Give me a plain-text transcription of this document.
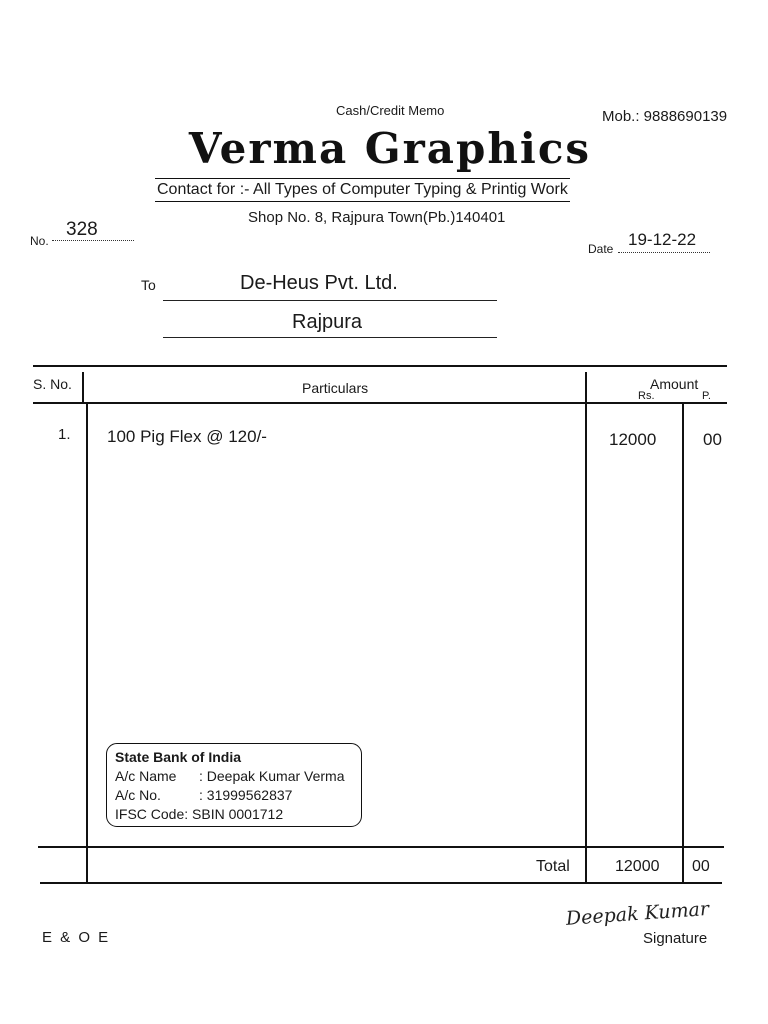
Cash/Credit Memo	Mob.: 9888690139
Verma Graphics
Contact for :- All Types of Computer Typing & Printig Work
Shop No. 8, Rajpura Town(Pb.)140401
No.
328
Date 19-12-22
To	De-Heus Pvt. Ltd.
Rajpura
S. No.	Particulars	Amount
Rs.	P.
1. 100 Pig Flex @ 120/-	12000	00
State Bank of India
A/c Name : Deepak Kumar Verma
A/c No.	: 31999562837
IFSC Code: SBIN 0001712
Total	12000 00
E & O E
Deepak Kumar
Signature
